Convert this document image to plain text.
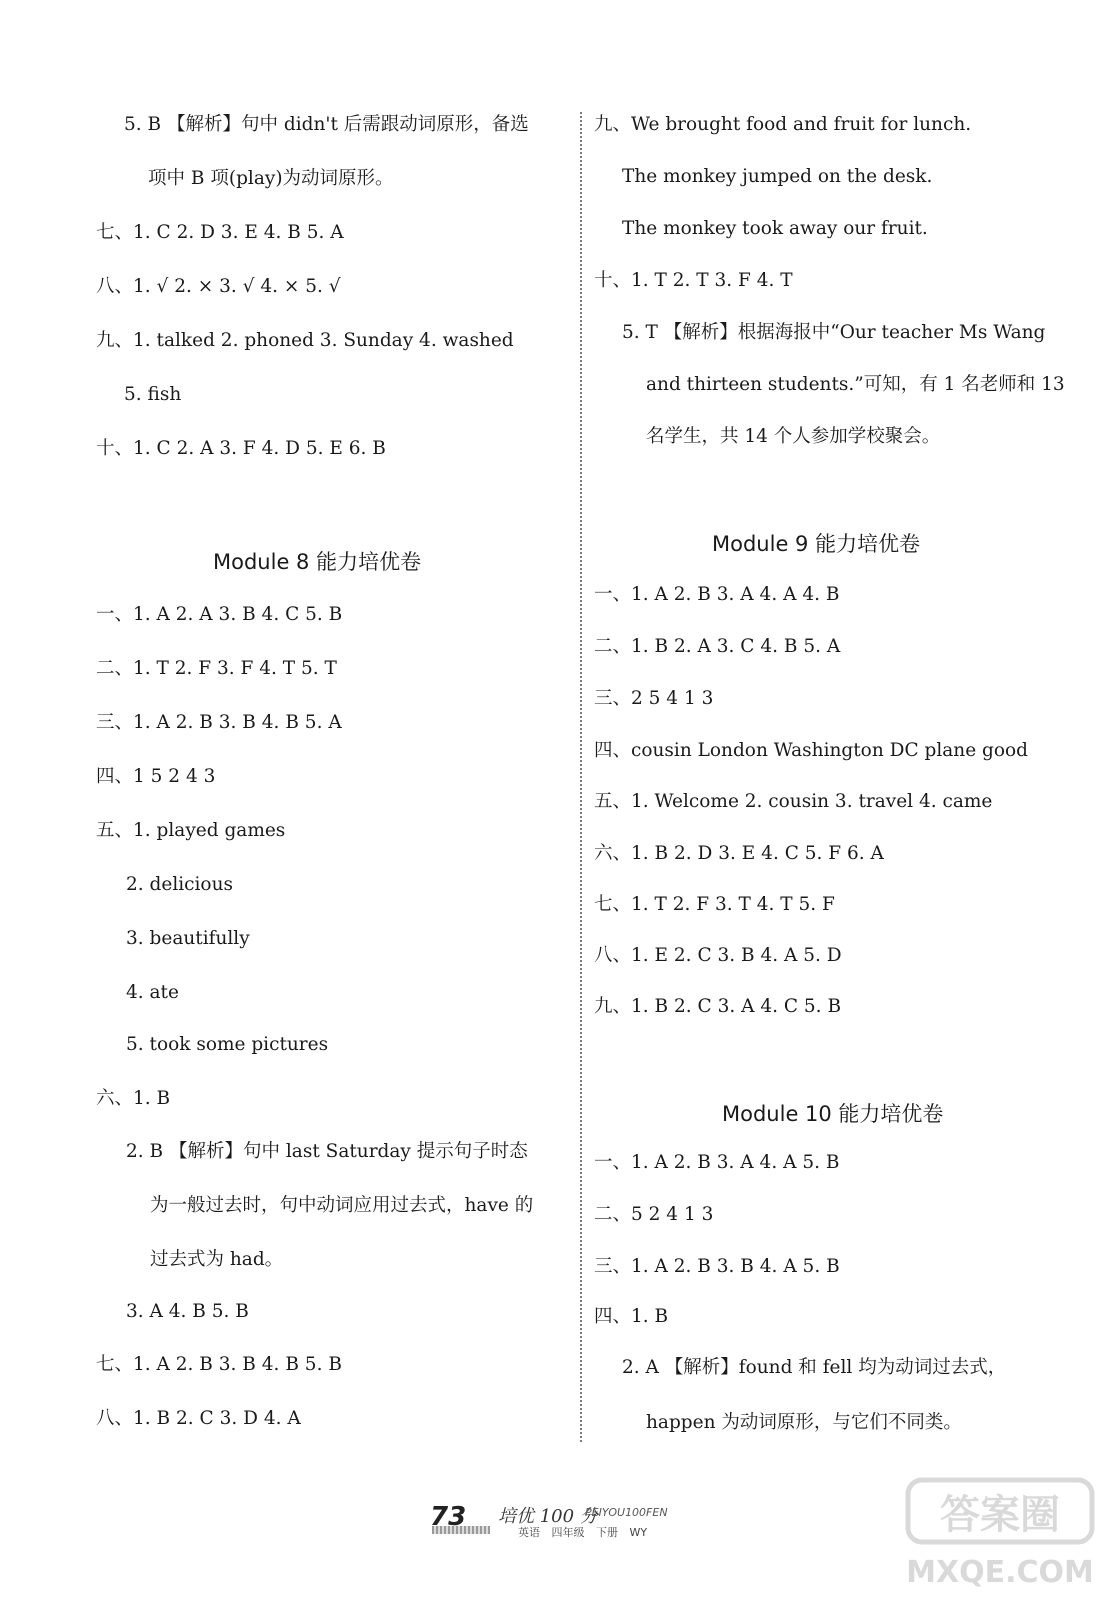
5. B 【解析】句中 didn't 后需跟动词原形，备选
项中 B 项(play)为动词原形。
七、1. C 2. D 3. E 4. B 5. A
八、1. √ 2. × 3. √ 4. × 5. √
九、1. talked 2. phoned 3. Sunday 4. washed
5. fish
十、1. C 2. A 3. F 4. D 5. E 6. B
Module 8 能力培优卷
一、1. A 2. A 3. B 4. C 5. B
二、1. T 2. F 3. F 4. T 5. T
三、1. A 2. B 3. B 4. B 5. A
四、1 5 2 4 3
五、1. played games
2. delicious
3. beautifully
4. ate
5. took some pictures
六、1. B
2. B 【解析】句中 last Saturday 提示句子时态
为一般过去时，句中动词应用过去式，have 的
过去式为 had。
3. A 4. B 5. B
七、1. A 2. B 3. B 4. B 5. B
八、1. B 2. C 3. D 4. A
九、We brought food and fruit for lunch.
The monkey jumped on the desk.
The monkey took away our fruit.
十、1. T 2. T 3. F 4. T
5. T 【解析】根据海报中“Our teacher Ms Wang
and thirteen students.”可知，有 1 名老师和 13
名学生，共 14 个人参加学校聚会。
Module 9 能力培优卷
一、1. A 2. B 3. A 4. A 4. B
二、1. B 2. A 3. C 4. B 5. A
三、2 5 4 1 3
四、cousin London Washington DC plane good
五、1. Welcome 2. cousin 3. travel 4. came
六、1. B 2. D 3. E 4. C 5. F 6. A
七、1. T 2. F 3. T 4. T 5. F
八、1. E 2. C 3. B 4. A 5. D
九、1. B 2. C 3. A 4. C 5. B
Module 10 能力培优卷
一、1. A 2. B 3. A 4. A 5. B
二、5 2 4 1 3
三、1. A 2. B 3. B 4. A 5. B
四、1. B
2. A 【解析】found 和 fell 均为动词过去式，
happen 为动词原形，与它们不同类。
73 培优 100 分
PEIYOU100FEN
英语 四年级 下册 WY	答案圈
MXQE.COM
